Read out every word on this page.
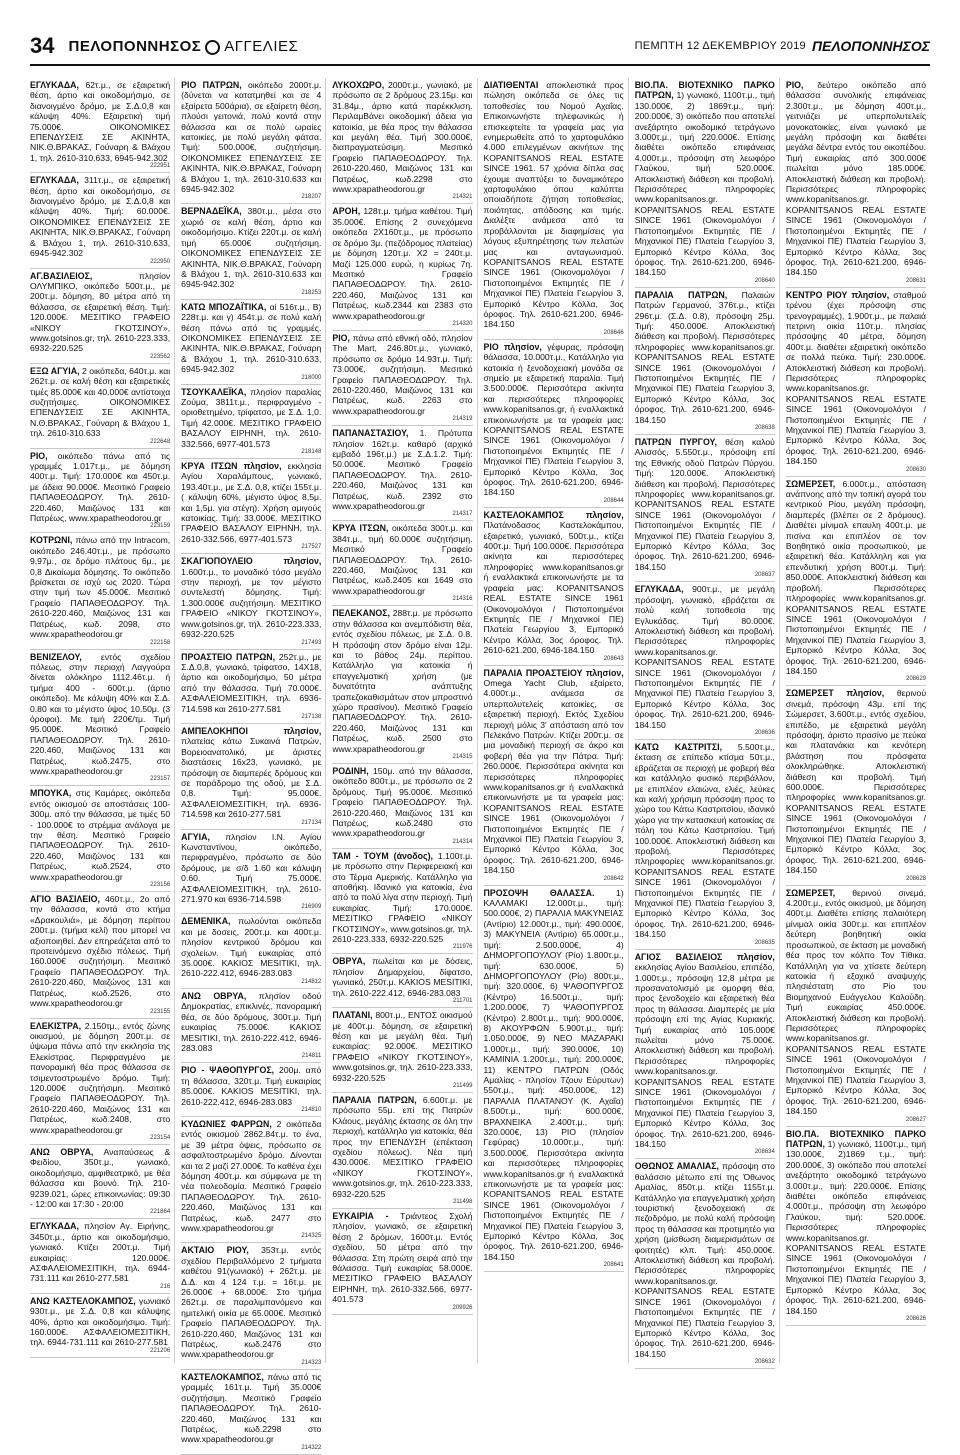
34 ΠΕΛΟΠΟΝΝΗΣΟΣ ΑΓΓΕΛΙΕΣ	ΠΕΜΠΤΗ 12 ΔΕΚΕΜΒΡΙΟΥ 2019 ΠΕΛΟΠΟΝΝΗΣΟΣ
ΕΓΛΥΚΑΔΑ, 62τ.μ., σε εξαιρετική θέση, άρτιο και οικοδομήσιμο, σε διανοιγμένο δρόμο, με Σ.Δ.0,8 και κάλυψη 40%. Εξαιρετική τιμή 75.000€. ΟΙΚΟΝΟΜΙΚΕΣ ΕΠΕΝΔΥΣΕΙΣ ΣΕ ΑΚΙΝΗΤΑ, ΝΙΚ.Θ.ΒΡΑΚΑΣ, Γούναρη & Βλάχου 1, τηλ. 2610-310.633, 6945-942.302
222951
ΕΓΛΥΚΑΔΑ, 311τ.μ., σε εξαιρετική θέση, άρτιο και οικοδομήσιμο, σε διανοιγμένο δρόμο, με Σ.Δ.0,8 και κάλυψη 40%. Τιμή: 60.000€. ΟΙΚΟΝΟΜΙΚΕΣ ΕΠΕΝΔΥΣΕΙΣ ΣΕ ΑΚΙΝΗΤΑ, ΝΙΚ.Θ.ΒΡΑΚΑΣ, Γούναρη & Βλάχου 1, τηλ. 2610-310.633, 6945-942.302
222950
ΑΓ.ΒΑΣΙΛΕΙΟΣ, πλησίον ΟΛΥΜΠΙΚΟ, οικόπεδο 500τ.μ., με 200τ.μ. δόμηση, 80 μέτρα από τη θάλασσα, σε εξαιρετική θέση. Τιμή: 120.000€. ΜΕΣΙΤΙΚΟ ΓΡΑΦΕΙΟ «ΝΙΚΟΥ ΓΚΟΤΣΙΝΟΥ», www.gotsinos.gr, τηλ. 2610-223.333, 6932-220.525
223562
ΕΞΩ ΑΓΥΙΑ, 2 οικόπεδα, 640τ.μ. και 262τ.μ. σε καλή θέση και εξαιρετικές τιμές 85.000€ και 40.000€ αντίστοιχα συζητήσιμες. ΟΙΚΟΝΟΜΙΚΕΣ ΕΠΕΝΔΥΣΕΙΣ ΣΕ ΑΚΙΝΗΤΑ, Ν.Θ.ΒΡΑΚΑΣ, Γούναρη & Βλάχου 1, τηλ. 2610-310.633
222648
ΡΙΟ, οικόπεδο πάνω από τις γραμμές 1.017τ.μ., με δόμηση 400τ.μ. Τιμή: 170.000€ και 450τ.μ. με άδεια 90.000€. Μεσιτικό Γραφείο ΠΑΠΑΘΕΟΔΩΡΟΥ. Τηλ. 2610-220.460, Μαιζώνος 131 και Πατρέως, www.xpapatheodorou.gr
223159
ΚΟΤΡΩΝΙ, πάνω από την Intracom, οικόπεδο 246.40τ.μ., με πρόσωπο 9,97μ., σε δρόμο πλάτους 6μ., με 0,8 Δικαίωμα δόμησης. Το οικόπεδο βρίσκεται σε ισχύ ως 2020. Τώρα στην τιμή των 45.000€. Μεσιτικό Γραφείο ΠΑΠΑΘΕΟΔΩΡΟΥ. Τηλ. 2610-220.460, Μαιζώνος 131 και Πατρέως, κωδ. 2098, στο www.xpapatheodorou.gr
222158
ΒΕΝΙΖΕΛΟΥ, εντός σχεδίου πόλεως, στην περιοχή Λαγγούρα δίνεται ολόκληρο 1112.46τ.μ. ή τμήμα 400 - 600τ.μ. (άρτιο οικόπεδο). Με κάλυψη 40% και Σ.Δ. 0.80 και το μέγιστο ύψος 10.50μ. (3 όροφοι). Με τιμή 220€/τμ. Τιμή 95.000€. Μεσιτικό Γραφείο ΠΑΠΑΘΕΟΔΩΡΟΥ. Τηλ. 2610-220.460, Μαιζώνος 131 και Πατρέως, κωδ.2475, στο www.xpapatheodorou.gr
223157
ΜΠΟΥΚΑ, στις Καμάρες, οικόπεδα εντός οικισμού σε αποστάσεις 100-300μ. από την θάλασσα, με τιμές 50 - 100.000€ το στρέμμα ανάλογα με την θέση. Μεσιτικό Γραφείο ΠΑΠΑΘΕΟΔΩΡΟΥ. Τηλ. 2610-220.460, Μαιζώνος 131 και Πατρέως, κωδ.2524, στο www.xpapatheodorou.gr
223156
ΑΓΙΟ ΒΑΣΙΛΕΙΟ, 460τ.μ., 2ο από την θάλασσα, κοντά στο κτήμα «Δρακουλιά», με δόμηση περίπου 200τ.μ. (τμήμα κελί) που μπορεί να αξιοποιηθεί. Δεν επηρεάζεται από το προτεινόμενο σχέδιο πόλεως. Τιμή 160.000€ συζητήσιμη. Μεσιτικό Γραφείο ΠΑΠΑΘΕΟΔΩΡΟΥ. Τηλ. 2610-220.460, Μαιζώνος 131 και Πατρέως, κωδ.2526, στο www.xpapatheodorou.gr
223155
ΕΛΕΚΙΣΤΡΑ, 2.150τμ., εντός ζώνης οικισμού, με δόμηση 200τ.μ. σε ύψωμα πάνω από την εκκλησία της Ελεκίστρας. Περιφραγμένο με πανοραμική θέα προς θάλασσα σε τσιμεντοστρωμένο δρόμο. Τιμή: 120.000€ συζητήσιμη. Μεσιτικό Γραφείο ΠΑΠΑΘΕΟΔΩΡΟΥ. Τηλ. 2610-220.460, Μαιζώνος 131 και Πατρέως, κωδ.2408, στο www.xpapatheodorou.gr
223154
ΑΝΩ ΟΒΡΥΑ, Αναπαύσεως & Φειδίου, 350τ.μ., γωνιακό, οικοδομήσιμο, αμφιθεατρικό, με θέα θάλασσα και βουνό. Τηλ. 210-9239.021, ώρες επικοινωνίας: 09:30 - 12:00 και 17:30 - 20:00
221864
ΕΓΛΥΚΑΔΑ, πλησίον Αγ. Ειρήνης, 3450τ.μ., άρτιο και οικοδομήσιμο, γωνιακό. Κτίζει 200τ.μ. Τιμή ευκαιρίας: 120.000€. ΑΣΦΑΛΕΙΟΜΕΣΙΤΙΚΗ, τηλ. 6944-731.111 και 2610-277.581
216
ΑΝΩ ΚΑΣΤΕΛΟΚΑΜΠΟΣ, γωνιακό 930τ.μ., με Σ.Δ. 0,8 και κάλυψης 40%, άρτιο και οικοδομήσιμο. Τιμή: 160.000€. ΑΣΦΑΛΕΙΟΜΕΣΙΤΙΚΗ, τηλ. 6944-731.111 και 2610-277.581
221206
ΡΙΟ ΠΑΤΡΩΝ, οικόπεδο 2000τ.μ. (δύνεται να κατατμηθεί και σε 4 εξαίρετα 500άρια), σε εξαίρετη θέση, πλούσι γειτονιά, πολύ κοντά στην θάλασσα και σε πολύ ωραίες κατοικίες, με πολύ μεγάλη φάτσα. Τιμή: 500.000€, συζητήσιμη. ΟΙΚΟΝΟΜΙΚΕΣ ΕΠΕΝΔΥΣΕΙΣ ΣΕ ΑΚΙΝΗΤΑ, ΝΙΚ.Θ.ΒΡΑΚΑΣ, Γούναρη & Βλάχου 1, τηλ. 2610-310.633 και 6945-942.302
218207
ΒΕΡΝΑΔΕΪΚΑ, 380τ.μ., μέσα στο χωριό σε καλή θέση, άρτιο και οικοδομήσιμο. Κτίζει 220τ.μ. σε καλή τιμή 65.000€ συζητήσιμη. ΟΙΚΟΝΟΜΙΚΕΣ ΕΠΕΝΔΥΣΕΙΣ ΣΕ ΑΚΙΝΗΤΑ, ΝΙΚ.Θ.ΒΡΑΚΑΣ, Γούναρη & Βλάχου 1, τηλ. 2610-310.633 και 6945-942.302
218253
ΚΑΤΩ ΜΠΟΖΑΪΤΙΚΑ, αί 516τ.μ., Β) 228τ.μ. και γ) 454τ.μ. σε πολύ καλή θέση πάνω από τις γραμμές. ΟΙΚΟΝΟΜΙΚΕΣ ΕΠΕΝΔΥΣΕΙΣ ΣΕ ΑΚΙΝΗΤΑ, ΝΙΚ.Θ.ΒΡΑΚΑΣ, Γούναρη & Βλάχου 1, τηλ. 2610-310.633, 6945-942.302
218000
ΤΣΟΥΚΑΛΕΪΚΑ, πλησίον παραλίας Ζούμα, 3811τ.μ., περιφραγμένο - οριοθετημένο, τρίφατσο, με Σ.Δ. 1,0. Τιμή 42.000€. ΜΕΣΙΤΙΚΟ ΓΡΑΦΕΙΟ ΒΑΣΑΛΟΥ ΕΙΡΗΝΗ, τηλ. 2610-332.566, 6977-401.573
218148
ΚΡΥΑ ΙΤΣΩΝ πλησίον, εκκλησία Αγίου Χαραλάμπους, γωνιακό, 193.40τ.μ., με Σ.Δ. 0,8, κτίζει 155τ.μ. ( κάλυψη 60%, μέγιστο ύψος 8,5μ. και 1,5μ. για στέγη). Χρήση αμιγούς κατοικίας. Τιμή: 33.000€. ΜΕΣΙΤΙΚΟ ΓΡΑΦΕΙΟ ΒΑΣΑΛΟΥ ΕΙΡΗΝΗ, τηλ. 2610-332.566, 6977-401.573
217527
ΣΚΑΓΙΟΠΟΥΛΕΙΟ πλησίον, 1.600τ.μ., το μοναδικό τόσο μεγάλο στην περιοχή, με τον μέγιστο συντελεστή δόμησης. Τιμή: 1.300.000€ συζητήσιμη. ΜΕΣΙΤΙΚΟ ΓΡΑΦΕΙΟ «ΝΙΚΟΥ ΓΚΟΤΣΙΝΟΥ», www.gotsinos.gr, τηλ. 2610-223.333, 6932-220.525
217493
ΠΡΟΑΣΤΕΙΟ ΠΑΤΡΩΝ, 252τ.μ., με Σ.Δ.0,8, γωνιακό, τρίφατσο, 14Χ18, άρτιο και οικοδομήσιμο, 50 μέτρα από την θάλασσα. Τιμή 70.000€. ΑΣΦΑΛΕΙΟΜΕΣΙΤΙΚΗ, τηλ. 6936-714.598 και 2610-277.581
217138
ΑΜΠΕΛΟΚΗΠΟΙ πλησίον, πλατείας κάτω Συκαινά Πατρών, Βορειοανατολικό, με άριστες διαστάσεις 16x23, γωνιακό, με πρόσοψη σε διαμπερές δρόμους και σε παράδρομο της οδού, με Σ.Δ. 0,8. Τιμή: 95.000€. ΑΣΦΑΛΕΙΟΜΕΣΙΤΙΚΗ, τηλ. 6936-714.598 και 2610-277.581
217134
ΑΓΥΙΑ, πλησίον Ι.Ν. Αγίου Κωνσταντίνου, οικόπεδο, περιφραγμένο, πρόσωπο σε δύο δρόμους, με σ/δ 1.60 και κάλυψη 0.60. Τιμή 75.000€. ΑΣΦΑΛΕΙΟΜΕΣΙΤΙΚΗ, τηλ. 2610-271.970 και 6936-714.598
216909
ΔΕΜΕΝΙΚΑ, πωλούνται οικόπεδα και με δοσεις, 200τ.μ. και 400τ.μ. πλησίον κεντρικού δρόμου και σχολείων. Τιμή ευκαιρίας από 35.000€. ΚΑΚΙΟΣ MESITIKI, τηλ. 2610-222.412, 6946-283.083
214812
ΑΝΩ ΟΒΡΥΑ, πλησίον οδού Δημοκρατίας, επικλινές, πανοραμική θέα, σε δύο δρόμους, 300τ.μ. Τιμή ευκαιρίας 75.000€. ΚΑΚΙΟΣ MESITIKI, τηλ. 2610-222.412, 6946-283.083
214811
ΡΙΟ - ΨΑΘΟΠΥΡΓΟΣ, 200μ. από τη θάλασσα, 320τ.μ. Τιμή ευκαιρίας 85.000€. KAKIOS MESITIKI, τηλ. 2610-222.412, 6946-283.083
214810
ΚΥΔΩΝΙΕΣ ΦΑΡΡΩΝ, 2 οικόπεδα εντός οικισμού 2862.84τ.μ. το ένα, με 39 μέτρα όψεις, πρόσωπο σε ασφαλτοστρωμένο δρόμο. Δίνονται και τα 2 μαζί 27.000€. Το καθένα έχει δόμηση 400τ.μ. και σύμφωνα με τη νέα πολεοδομία. Μεσιτικό Γραφείο ΠΑΠΑΘΕΟΔΩΡΟΥ. Τηλ. 2610-220.460, Μαιζώνος 131 και Πατρέως, κωδ. 2477 στο www.xpapatheodorou.gr
214325
ΑΚΤΑΙΟ ΡΙΟΥ, 353τ.μ. εντός σχεδίου Περιβαλλόμενο 2 τμήματα καθέτου 91(γωνιακό) + 262τ.μ. με Δ.Δ. και 4 124 τ.μ. = 16τ.μ. με 26.000€ + 68.000€. Στο τμήμα 262τ.μ. σε παραλιμπανόμενο και ημιτελική οικία με 65.000€. Μεσιτικό Γραφείο ΠΑΠΑΘΕΟΔΩΡΟΥ. Τηλ. 2610-220.460, Μαιζώνος 131 και Πατρέως, κωδ.2476 στο www.xpapatheodorou.gr
214323
ΚΑΣΤΕΛΟΚΑΜΠΟΣ, πάνω από τις γραμμές 161τ.μ. Τιμή 35.000€ συζητήσιμη. Μεσιτικό Γραφείο ΠΑΠΑΘΕΟΔΩΡΟΥ. Τηλ. 2610-220.460, Μαιζώνος 131 και Πατρέως, κωδ.2298 στο www.xpapatheodorou.gr
214322
ΛΥΚΟΧΩΡΟ, 2000τ.μ., γωνιακό, με πρόσωπο σε 2 δρόμους 23.15μ. και 31.84μ., άρτιο κατά παρέκκλιση. ΠεριλαμΒάνει οικοδομική άδεια για κατοικία, με θέα προς την θάλασσα και μεγάλη θέα. Τιμή 300.000€, διαπραγματεύσιμη. Μεσιτικό Γραφείο ΠΑΠΑΘΕΟΔΩΡΟΥ. Τηλ. 2610-220.460, Μαιζώνος 131 και Πατρέως, κωδ.2298 στο www.xpapatheodorou.gr
214321
ΑΡΟΗ, 128τ.μ. τμήμα καθέτου. Τιμή 35.000€. Επίσης 2 συνεχόμενα οικόπεδα 2Χ160τ.μ., με πρόσωπο σε δρόμο 3μ. (πεζόδρομος πλατείας) με δόμηση 120τ.μ. Χ2 = 240τ.μ. Μαζί 125.000 ευρώ, η κυρίως 7η. Μεσιτικό Γραφείο ΠΑΠΑΘΕΟΔΩΡΟΥ. Τηλ. 2610-220.460, Μαιζώνος 131 και Πατρέως, κωδ.2344 και 2383 στο www.xpapatheodorou.gr
214320
ΡΙΟ, πάνω από εθνική οδό, πλησίον The Mart, 246.80τ.μ., γωνιακό, πρόσωπο σε δρόμο 14.93τ.μ. Τιμή: 73.000€, συζητήσιμη. Μεσιτικό Γραφείο ΠΑΠΑΘΕΟΔΩΡΟΥ. Τηλ. 2610-220.460, Μαιζώνος 131 και Πατρέως, κωδ. 2263 στο www.xpapatheodorou.gr
214319
ΠΑΠΑΝΑΣΤΑΣΙΟΥ, 1. Πρότυπα πλησίον 162τ.μ. καθαρό (αρχικό εμβαδό 196τ.μ.) με Σ.Δ.1.2. Τιμή: 50.000€. Μεσιτικό Γραφείο ΠΑΠΑΘΕΟΔΩΡΟΥ. Τηλ. 2610-220.460, Μαιζώνος 131 και Πατρέως, κωδ. 2392 στο www.xpapatheodorou.gr
214317
ΚΡΥΑ ΙΤΣΩΝ, οικόπεδα 300τ.μ. και 384τ.μ., τιμή 60.000€ συζητήσιμη. Μεσιτικό Γραφείο ΠΑΠΑΘΕΟΔΩΡΟΥ. Τηλ. 2610-220.460, Μαιζώνος 131 και Πατρέως, κωδ.2405 και 1649 στο www.xpapatheodorou.gr
214316
ΠΕΛΕΚΑΝΟΣ, 288τ.μ. με πρόσωπο στην θάλασσα και ανεμπόδιστη θέα, εντός σχεδίου πόλεως, με Σ.Δ. 0.8. Η πρόσοψη στον δρόμο είναι 12μ. και το βάθος 24μ. περίπου. Κατάλληλο για κατοικία ή επαγγελματική χρήση (με δυνατότητα ανάπτυξης τραπεζοκαθισμάτων στον μπροστινό χώρο πρασίνου). Μεσιτικό Γραφείο ΠΑΠΑΘΕΟΔΩΡΟΥ. Τηλ. 2610-220.460, Μαιζώνος 131 και Πατρέως, κωδ. 2500 στο www.xpapatheodorou.gr
214315
ΡΟΔΙΝΗ, 150μ. από την θάλασσα, οικόπεδο 800τ.μ., με πρόσωπο σε 2 δρόμους. Τιμή 95.000€. Μεσιτικό Γραφείο ΠΑΠΑΘΕΟΔΩΡΟΥ. Τηλ. 2610-220.460, Μαιζώνος 131 και Πατρέως, κωδ.2480 στο www.xpapatheodorou.gr
214314
ΤΑΜ - ΤΟΥΜ (άνοδος), 1.100τ.μ. με πρόσωπο στην Περιφερειακή και στο Τέρμα Αμερικής. Κατάλληλο για αποθήκη. Ιδανικό για κατοικία, ένα από τα πολύ λίγα στην περιοχή. Τιμή ευκαιρίας. Τιμή: 170.000€. ΜΕΣΙΤΙΚΟ ΓΡΑΦΕΙΟ «ΝΙΚΟΥ ΓΚΟΤΣΙΝΟΥ», www.gotsinos.gr, τηλ. 2610-223.333, 6932-220.525
211976
ΟΒΡΥΑ, πωλείται και με δόσεις, πλησίον Δημαρχείου, δίφατσο, γωνιακό, 250τ.μ. KAKIOS MESITIKI, τηλ. 2610-222.412, 6946-283.083
211701
ΠΛΑΤΑΝΙ, 800τ.μ., ΕΝΤΟΣ οικισμού με 400τ.μ. δόμηση, σε εξαιρετική θέση και με μεγάλη θέα. Τιμή ευκαιρίας: 92.000€. ΜΕΣΙΤΙΚΟ ΓΡΑΦΕΙΟ «ΝΙΚΟΥ ΓΚΟΤΣΙΝΟΥ», www.gotsinos.gr, τηλ. 2610-223.333, 6932-220.525
211499
ΠΑΡΑΛΙΑ ΠΑΤΡΩΝ, 6.600τ.μ. με πρόσωπο 55μ. επί της Πατρών Κλάους, μεγάλης έκτασης σε όλη την περιοχή, κατάλληλο για κατοικία, θέα προς την ΕΠΕΝΔΥΣΗ (επέκταση σχεδίου πόλεως). Νέα τιμή 430.000€. ΜΕΣΙΤΙΚΟ ΓΡΑΦΕΙΟ «ΝΙΚΟΥ ΓΚΟΤΣΙΝΟΥ», www.gotsinos.gr, τηλ. 2610-223.333, 6932-220.525
211498
ΕΥΚΑΙΡΙΑ - Τριάντεος Σχολή πλησίον, γωνιακό, σε εξαιρετική θέση 2 δρόμων, 1600τ.μ. Εντός σχεδίου, 50 μέτρα από την θάλασσα. Στη πρώτη σειρά από την θάλασσα. Τιμή ευκαιρίας 58.000€. ΜΕΣΙΤΙΚΟ ΓΡΑΦΕΙΟ ΒΑΣΑΛΟΥ ΕΙΡΗΝΗ, τηλ. 2610-332.566, 6977-401.573
209926
ΔΙΑΤΙΘΕΝΤΑΙ αποκλειστικά προς πώληση οικόπεδα σε όλες τις τοποθεσίες του Νομού Αχαΐας. Επικοινωνήστε τηλεφωνικώς ή επισκεφτείτε τα γραφεία μας για ενημερωθείτε από το χαρτοφυλάκιο 4.000 επιλεγμένων ακινήτων της KOPANITSANOS REAL ESTATE SINCE 1961. 57 χρόνια δίπλα σας έχουμε αναπτύξει το δυναμικότερο χαρτοφυλάκιο όπου καλύπτει οποιαδήποτε ζήτηση τοποθεσίας, ποιότητας, απόδοσης και τιμής. Διαλέξτε ανάμεσα από τα προβάλλονται με διαφημίσεις για λόγους εξυπηρέτησης των πελατών μας και ανταγωνισμού. KOPANITSANOS REAL ESTATE SINCE 1961 (Οικονομολόγοι / Πιστοποιημένοι Εκτιμητές ΠΕ / Μηχανικοί ΠΕ) Πλατεία Γεωργίου 3, Εμπορικό Κέντρο Κόλλα, 3ος όροφος. Τηλ. 2610-621.200, 6946-184.150
208646
ΡΙΟ πλησίον, γέφυρας, πρόσοψη θάλασσα, 10.000τ.μ., Κατάλληλο για κατοικία ή ξενοδοχειακή μονάδα σε σημείο με εξαιρετική παραλία. Τιμή 3.500.000€. Περισσότερα ακίνητα και περισσότερες πληροφορίες www.kopanitsanos.gr, ή εναλλακτικά επικοινωνήστε με τα γραφεία μας: KOPANITSANOS REAL ESTATE SINCE 1961 (Οικονομολόγοι / Πιστοποιημένοι Εκτιμητές ΠΕ / Μηχανικοί ΠΕ) Πλατεία Γεωργίου 3, Εμπορικό Κέντρο Κόλλα, 3ος όροφος. Τηλ. 2610-621.200, 6946-184.150
208644
ΚΑΣΤΕΛΟΚΑΜΠΟΣ πλησίον, Πλατάνοδασος Καστελοκάμπου, εξαιρετικό, γωνιακό, 500τ.μ., κτίζει 400τ.μ. Τιμή 100.000€. Περισσότερα ακίνητα και περισσότερες πληροφορίες www.kopanitsanos.gr ή εναλλακτικά επικοινωνήστε με τα γραφεία μας: KOPANITSANOS REAL ESTATE SINCE 1961 (Οικονομολόγοι / Πιστοποιημένοι Εκτιμητές ΠΕ / Μηχανικοί ΠΕ) Πλατεία Γεωργίου 3, Εμπορικό Κέντρο Κόλλα, 3ος όροφος. Τηλ. 2610-621.200, 6946-184.150
208643
ΠΑΡΑΛΙΑ ΠΡΟΑΣΤΕΙΟΥ πλησίον, Omega Yacht Club, εξαίρετο, 4.000τ.μ., ανάμεσα σε υπερπολυτελείς κατοικίες, σε εξαιρετική περιοχή. Εκτός Σχεδίου περιοχή μόλις 3' απόσταση από τον Πελεκάνο Πατρών. Κτίζει 200τ.μ. σε μια μοναδική περιοχή σε άκρο και φοβερή θέα για την Πάτρα. Τιμή: 260.000€. Περισσότερα ακίνητα και περισσότερες πληροφορίες www.kopanitsanos.gr ή εναλλακτικά επικοινωνήστε με τα γραφεία μας: KOPANITSANOS REAL ESTATE SINCE 1961 (Οικονομολόγοι / Πιστοποιημένοι Εκτιμητές ΠΕ / Μηχανικοί ΠΕ) Πλατεία Γεωργίου 3, Εμπορικό Κέντρο Κόλλα, 3ος όροφος. Τηλ. 2610-621.200, 6946-184.150
208642
ΠΡΟΣΟΨΗ ΘΑΛΑΣΣΑ. 1) ΚΑΛΑΜΑΚΙ 12.000τ.μ., τιμή: 500.000€, 2) ΠΑΡΑΛΙΑ ΜΑΚΥΝΕΙΑΣ (Αντίριο) 12.000τ.μ., τιμή: 490.000€, 3) ΜΑΚΥΝΕΙΑ (Αντίριο) 65.000τ.μ., τιμή: 2.500.000€, 4) ΔΗΜΟΡΓΟΠΟΥΛΟΥ (Ρίο) 1.800τ.μ., τιμή: 630.000€, 5) ΔΗΜΟΡΓΟΠΟΥΛΟΥ (Ρίο) 800τ.μ., τιμή: 320.000€, 6) ΨΑΘΟΠΥΡΓΟΣ (Κέντρο) 16.500τ.μ., τιμή: 1.200.000€, 7) ΨΑΘΟΠΥΡΓΟΣ (Κέντρο) 2.800τ.μ., τιμή: 900.000€, 8) ΑΚΟΥΡΦΩΝ 5.900τ.μ., τιμή: 1.050.000€, 9) ΝΕΟ ΜΑΖΑΡΑΚΙ 1.000τ.μ., τιμή: 390.000€, 10) ΚΑΜΙΝΙΑ 1.200τ.μ., τιμή: 200.000€, 11) ΚΕΝΤΡΟ ΠΑΤΡΩΝ (Οδός Αμαλίας - πλησίον Τζουν Εύρυτων) 550τ.μ., τιμή: 450.000€, 12) ΠΑΡΑΛΙΑ ΠΛΑΤΑΝΟΥ (Κ. Αχαΐα) 8.500τ.μ., τιμή: 600.000€, ΒΡΑΧΝΕΙΚΑ 2.400τ.μ., τιμή: 320.000€, 13) ΡΙΟ (πλησίον Γεφύρας) 10.000τ.μ., τιμή: 3.500.000€. Περισσότερα ακίνητα και περισσότερες πληροφορίες www.kopanitsanos.gr ή εναλλακτικά επικοινωνήστε με τα γραφεία μας: KOPANITSANOS REAL ESTATE SINCE 1961 (Οικονομολόγοι / Πιστοποιημένοι Εκτιμητές ΠΕ / Μηχανικοί ΠΕ) Πλατεία Γεωργίου 3, Εμπορικό Κέντρο Κόλλα, 3ος όροφος. Τηλ. 2610-621.200, 6946-184.150
208641
ΒΙΟ.ΠΑ. ΒΙΟΤΕΧΝΙΚΟ ΠΑΡΚΟ ΠΑΤΡΩΝ, 1) γωνιακό, 1100τ.μ., τιμή 130.000€, 2) 1869τ.μ., τιμή: 200.000€, 3) οικόπεδο που αποτελεί ανεξάρτητο οικοδομικό τετράγωνο 3.000τ.μ., τιμή 220.000€. Επίσης διαθέτει οικόπεδο επιφάνειας 4.000τ.μ., πρόσοψη στη λεωφόρο Γλαύκου, τιμή 520.000€. Αποκλειστική διάθεση και προβολή. Περισσότερες πληροφορίες www.kopanitsanos.gr. KOPANITSANOS REAL ESTATE SINCE 1961 (Οικονομολόγοι / Πιστοποιημένοι Εκτιμητές ΠΕ / Μηχανικοί ΠΕ) Πλατεία Γεωργίου 3, Εμπορικό Κέντρο Κόλλα, 3ος όροφος. Τηλ. 2610-621.200, 6946-184.150
208640
ΠΑΡΑΛΙΑ ΠΑΤΡΩΝ, Παλαιών Πατρών Γερμανού, 376τ.μ., κτίζει 296τ.μ. (Σ.Δ. 0.8), πρόσοψη 25μ. Τιμή: 450.000€. Αποκλειστική διάθεση και προβολή. Περισσότερες πληροφορίες www.kopanitsanos.gr. KOPANITSANOS REAL ESTATE SINCE 1961 (Οικονομολόγοι / Πιστοποιημένοι Εκτιμητές ΠΕ / Μηχανικοί ΠΕ) Πλατεία Γεωργίου 3, Εμπορικό Κέντρο Κόλλα, 3ος όροφος. Τηλ. 2610-621.200, 6946-184.150
208638
ΠΑΤΡΩΝ ΠΥΡΓΟΥ, θέση καλού Αλισσός, 5.550τ.μ., πρόσοψη επί της Εθνικής οδού Πατρών Πύργου. Τιμή: 120.000€. Αποκλειστική διάθεση και προβολή. Περισσότερες πληροφορίες www.kopanitsanos.gr. KOPANITSANOS REAL ESTATE SINCE 1961 (Οικονομολόγοι / Πιστοποιημένοι Εκτιμητές ΠΕ / Μηχανικοί ΠΕ) Πλατεία Γεωργίου 3, Εμπορικό Κέντρο Κόλλα, 3ος όροφος. Τηλ. 2610-621.200, 6946-184.150
208637
ΕΓΛΥΚΑΔΑ, 900τ.μ., με μεγάλη πρόσοψη, γωνιακό, εβράζεται σε πολύ καλή τοποθεσία της Εγλυκάδας. Τιμή 80.000€. Αποκλειστική διάθεση και προβολή. Περισσότερες πληροφορίες www.kopanitsanos.gr. KOPANITSANOS REAL ESTATE SINCE 1961 (Οικονομολόγοι / Πιστοποιημένοι Εκτιμητές ΠΕ / Μηχανικοί ΠΕ) Πλατεία Γεωργίου 3, Εμπορικό Κέντρο Κόλλα, 3ος όροφος. Τηλ. 2610-621.200, 6946-184.150
208636
ΚΑΤΩ ΚΑΣΤΡΙΤΣΙ, 5.500τ.μ., έκταση σε επίπεδο κτίσμα 50τ.μ., εβράζεται σε περιοχή με φοβερή θέα και κατάλληλο φυσικό περιβάλλον, με επιπλέον ελαιώνα, ελιές, λεύκες και καλή χρήσιμη πρόσοψη προς το χώρο του Κάτω Καστριτσίου, ιδανικό χώρο για την κατασκευή κατοικίας σε πόλη του Κάτω Καστριτσίου. Τιμή 100.000€. Αποκλειστική διάθεση και προβολή. Περισσότερες πληροφορίες www.kopanitsanos.gr. KOPANITSANOS REAL ESTATE SINCE 1961 (Οικονομολόγοι / Πιστοποιημένοι Εκτιμητές ΠΕ / Μηχανικοί ΠΕ) Πλατεία Γεωργίου 3, Εμπορικό Κέντρο Κόλλα, 3ος όροφος. Τηλ. 2610-621.200, 6946-184.150
208635
ΑΓΙΟΣ ΒΑΣΙΛΕΙΟΣ πλησίον, εκκλησίας Αγίου Βασιλείου, επιπέδο, 1.000τ.μ., πρόσοψη 12,8 μέτρα με προσανατολισμό με ομορφη θέα, προς ξενοδοχείο και εξαιρετική θέα προς τη θάλασσα. Διαμπερές με μία πρόσοψη επί της Αγίας Κυριακής. Τιμή ευκαιρίας από 105.000€ πωλείται μόνο 75.000€. Αποκλειστική διάθεση και προβολή. Περισσότερες πληροφορίες www.kopanitsanos.gr. KOPANITSANOS REAL ESTATE SINCE 1961 (Οικονομολόγοι / Πιστοποιημένοι Εκτιμητές ΠΕ / Μηχανικοί ΠΕ) Πλατεία Γεωργίου 3, Εμπορικό Κέντρο Κόλλα, 3ος όροφος. Τηλ. 2610-621.200, 6946-184.150
208634
ΟΘΩΝΟΣ ΑΜΑΛΙΑΣ, πρόσοψη στο θαλάσσιο μέτωπο επί της Όθωνος Αμαλίας, 850τ.μ. κτίζει 1155τ.μ. Κατάλληλο για επαγγελματική χρήση τουριστική ξενοδοχειακή σε πεζοδρόμο, με πολύ καλή πρόσοψη προς τη θάλασσα και προτιμητέο για χρήση (μίσθωση διαμερισμάτων σε φοιτητές) κλπ. Τιμή: 450.000€. Αποκλειστική διάθεση και προβολή. Περισσότερες πληροφορίες www.kopanitsanos.gr. KOPANITSANOS REAL ESTATE SINCE 1961 (Οικονομολόγοι / Πιστοποιημένοι Εκτιμητές ΠΕ / Μηχανικοί ΠΕ) Πλατεία Γεωργίου 3, Εμπορικό Κέντρο Κόλλα, 3ος όροφος. Τηλ. 2610-621.200, 6946-184.150
208632
ΡΙΟ, δεύτερο οικόπεδο από θάλασσα συνολικής επιφάνειας 2.300τ.μ., με δόμηση 400τ.μ., γειτνιάζει με υπερπολυτελείς μονοκατοικίες, είναι γωνιακό με μεγάλη πρόσοψη και διαθέτει μεγάλα δέντρα εντός του οικοπέδου. Τιμή ευκαιρίας από 300.000€ πωλείται μόνο 185.000€. Αποκλειστική διάθεση και προβολή. Περισσότερες πληροφορίες www.kopanitsanos.gr. KOPANITSANOS REAL ESTATE SINCE 1961 (Οικονομολόγοι / Πιστοποιημένοι Εκτιμητές ΠΕ / Μηχανικοί ΠΕ) Πλατεία Γεωργίου 3, Εμπορικό Κέντρο Κόλλα, 3ος όροφος. Τηλ. 2610-621.200, 6946-184.150
208631
ΚΕΝΤΡΟ ΡΙΟΥ πλησίον, σταθμού τρένου (έχει πρόσοψη στις τρενογραμμές), 1.900τ.μ., με παλαιά πετρινη οικία 110τ.μ. πλησίας πρόσοψης 40 μέτρα, δόμηση 400τ.μ. διαθέτει εξαιρετική οικόπεδο σε πολλά πεύκα. Τιμή: 230.000€. Αποκλειστική διάθεση και προβολή. Περισσότερες πληροφορίες www.kopanitsanos.gr. KOPANITSANOS REAL ESTATE SINCE 1961 (Οικονομολόγοι / Πιστοποιημένοι Εκτιμητές ΠΕ / Μηχανικοί ΠΕ) Πλατεία Γεωργίου 3, Εμπορικό Κέντρο Κόλλα, 3ος όροφος. Τηλ. 2610-621.200, 6946-184.150
208630
ΣΩΜΕΡΣΕΤ, 6.000τ.μ., απόσταση ανάπνοης από την τοπική αγορά του κεντρικού Ρίου, μεγάλη πρόσοψη, διαμπερές (βλέπει σε 2 δρόμους). Διαθέτει μίνιμαλ επαυλη 400τ.μ. με πισίνα και επιπλέον σε τον Βοηθητικό οικία προσωπικού, με εξαιρετική θέα. Κατάλληλη και για επενδυτική χρήση 800τ.μ. Τιμή: 850.000€. Αποκλειστική διάθεση και προβολή. Περισσότερες πληροφορίες www.kopanitsanos.gr. KOPANITSANOS REAL ESTATE SINCE 1961 (Οικονομολόγοι / Πιστοποιημένοι Εκτιμητές ΠΕ / Μηχανικοί ΠΕ) Πλατεία Γεωργίου 3, Εμπορικό Κέντρο Κόλλα, 3ος όροφος. Τηλ. 2610-621.200, 6946-184.150
208629
ΣΩΜΕΡΣΕΤ πλησίον, θερινού σινεμά, πρόσοψη 43μ. επί της Σώμερσετ, 3.600τ.μ., εντός σχεδίου, επιπέδο, με εξαιρετικά μεγάλη πρόσοψη, άριστο πρασίνο με πεύκα και πλατανάκια και κενότερη βλάστηση που πρόσφατα ολοκληρώθηκε. Αποκλειστική διάθεση και προβολή. Τιμή 600.000€. Περισσότερες πληροφορίες www.kopanitsanos.gr. KOPANITSANOS REAL ESTATE SINCE 1961 (Οικονομολόγοι / Πιστοποιημένοι Εκτιμητές ΠΕ / Μηχανικοί ΠΕ) Πλατεία Γεωργίου 3, Εμπορικό Κέντρο Κόλλα, 3ος όροφος. Τηλ. 2610-621.200, 6946-184.150
208628
ΣΩΜΕΡΣΕΤ, θερινού σινεμά, 4.200τ.μ., εντός οικισμού, με δόμηση 400τ.μ. Διαθέτει επίσης παλαιότερη μίνιμαλ οικία 300τ.μ. και επιπλέον δεύτερη βοηθητική οικία προσωπικού, σε έκταση με μοναδική θέα προς τον κόλπο Τον Τίθικα. Κατάλληλη για να χτίσετε δεύτερη κατοικία ή εξοχικό αναψυχής πλησιέστατη στο Ρίο του Βιομηχανού Ευάγγελου Καλούδη. Τιμή ευκαιρίας 450.000€. Αποκλειστική διάθεση και προβολή. Περισσότερες πληροφορίες www.kopanitsanos.gr. KOPANITSANOS REAL ESTATE SINCE 1961 (Οικονομολόγοι / Πιστοποιημένοι Εκτιμητές ΠΕ / Μηχανικοί ΠΕ) Πλατεία Γεωργίου 3, Εμπορικό Κέντρο Κόλλα, 3ος όροφος. Τηλ. 2610-621.200, 6946-184.150
208627
ΒΙΟ.ΠΑ. ΒΙΟΤΕΧΝΙΚΟ ΠΑΡΚΟ ΠΑΤΡΩΝ, 1) γωνιακό, 1100τ.μ., τιμή 130.000€, 2)1869 τ.μ., τιμή: 200.000€, 3) οικόπεδο που αποτελεί ανεξάρτητο οικοδομικό τετράγωνο 3.000τ.μ., τιμή: 220.000€. Επίσης διαθέτει οικόπεδο επιφάνειας 4.000τ.μ., πρόσοψη στη λεωφόρο Γλαύκου, τιμή: 520.000€. Περισσότερες πληροφορίες www.kopanitsanos.gr. KOPANITSANOS REAL ESTATE SINCE 1961 (Οικονομολόγοι / Πιστοποιημένοι Εκτιμητές ΠΕ / Μηχανικοί ΠΕ) Πλατεία Γεωργίου 3, Εμπορικό Κέντρο Κόλλα, 3ος όροφος. Τηλ. 2610-621.200, 6946-184.150
208626
